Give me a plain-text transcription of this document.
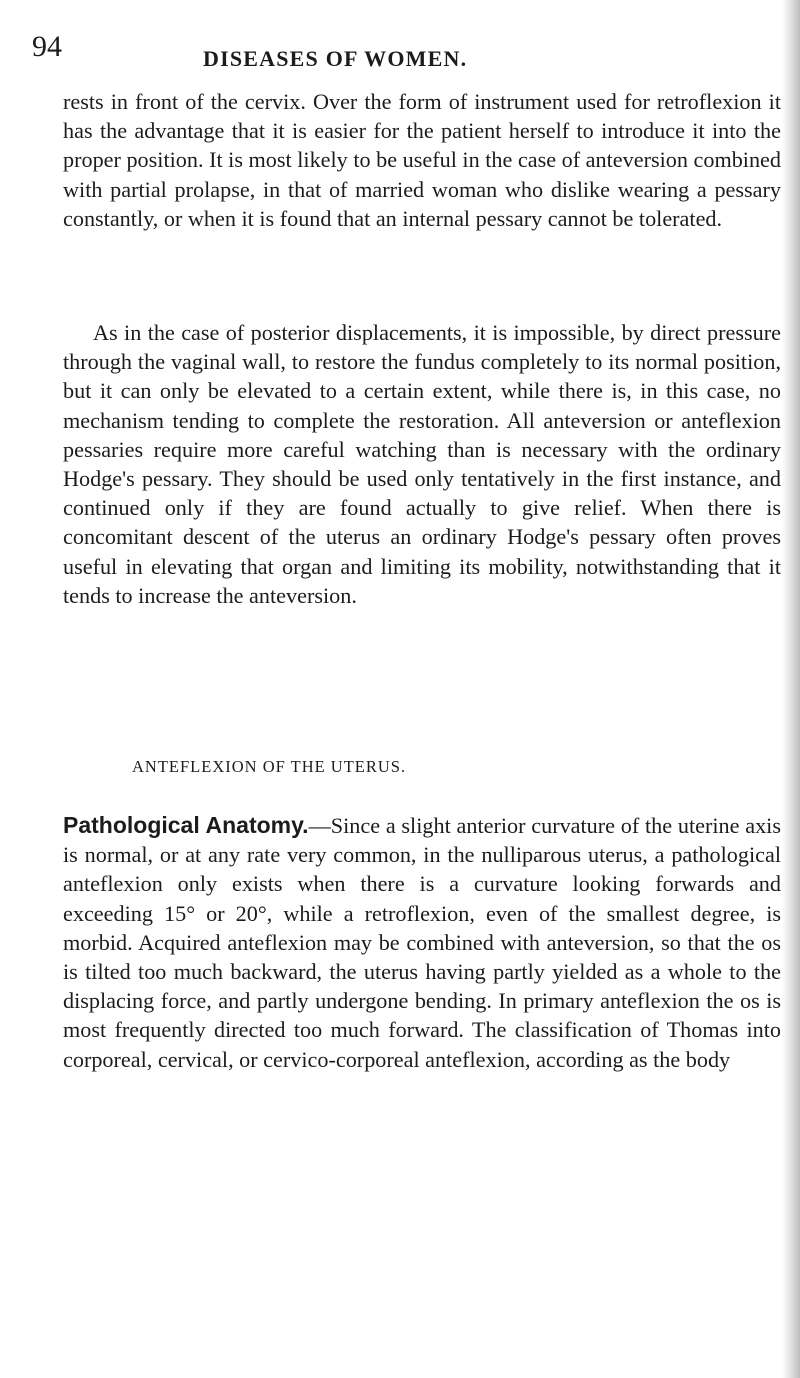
94	DISEASES OF WOMEN.

rests in front of the cervix. Over the form of instrument used for retroflexion it has the advantage that it is easier for the patient herself to introduce it into the proper position. It is most likely to be useful in the case of anteversion combined with partial prolapse, in that of married woman who dislike wearing a pessary constantly, or when it is found that an internal pessary cannot be tolerated.

As in the case of posterior displacements, it is impossible, by direct pressure through the vaginal wall, to restore the fundus completely to its normal position, but it can only be elevated to a certain extent, while there is, in this case, no mechanism tending to complete the restoration. All anteversion or anteflexion pessaries require more careful watching than is necessary with the ordinary Hodge's pessary. They should be used only tentatively in the first instance, and continued only if they are found actually to give relief. When there is concomitant descent of the uterus an ordinary Hodge's pessary often proves useful in elevating that organ and limiting its mobility, notwithstanding that it tends to increase the anteversion.

ANTEFLEXION OF THE UTERUS.

Pathological Anatomy.—Since a slight anterior curvature of the uterine axis is normal, or at any rate very common, in the nulliparous uterus, a pathological anteflexion only exists when there is a curvature looking forwards and exceeding 15° or 20°, while a retroflexion, even of the smallest degree, is morbid. Acquired anteflexion may be combined with anteversion, so that the os is tilted too much backward, the uterus having partly yielded as a whole to the displacing force, and partly undergone bending. In primary anteflexion the os is most frequently directed too much forward. The classification of Thomas into corporeal, cervical, or cervico-corporeal anteflexion, according as the body
